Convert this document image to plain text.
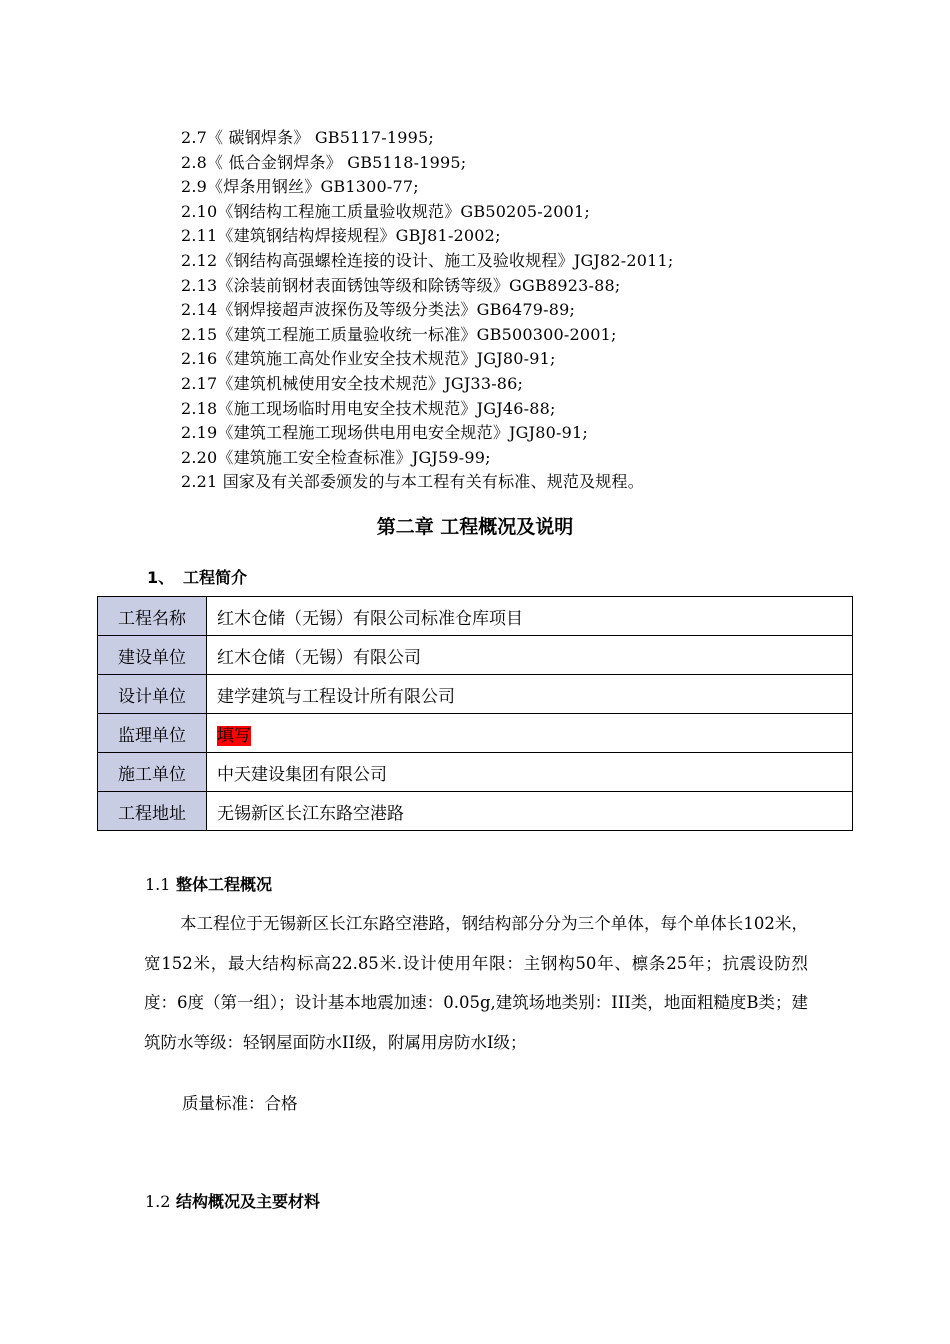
2.7《 碳钢焊条》 GB5117-1995;
2.8《 低合金钢焊条》 GB5118-1995;
2.9《焊条用钢丝》GB1300-77;
2.10《钢结构工程施工质量验收规范》GB50205-2001;
2.11《建筑钢结构焊接规程》GBJ81-2002;
2.12《钢结构高强螺栓连接的设计、施工及验收规程》JGJ82-2011;
2.13《涂装前钢材表面锈蚀等级和除锈等级》GGB8923-88;
2.14《钢焊接超声波探伤及等级分类法》GB6479-89;
2.15《建筑工程施工质量验收统一标准》GB500300-2001;
2.16《建筑施工高处作业安全技术规范》JGJ80-91;
2.17《建筑机械使用安全技术规范》JGJ33-86;
2.18《施工现场临时用电安全技术规范》JGJ46-88;
2.19《建筑工程施工现场供电用电安全规范》JGJ80-91;
2.20《建筑施工安全检查标准》JGJ59-99;
2.21 国家及有关部委颁发的与本工程有关有标准、规范及规程。
第二章 工程概况及说明
1、 工程简介
工程名称	红木仓储（无锡）有限公司标准仓库项目
建设单位	红木仓储（无锡）有限公司
设计单位	建学建筑与工程设计所有限公司
监理单位	填写
施工单位	中天建设集团有限公司
工程地址	无锡新区长江东路空港路
1.1 整体工程概况

本工程位于无锡新区长江东路空港路，钢结构部分分为三个单体，每个单体长102米，宽152米，最大结构标高22.85米.设计使用年限：主钢构50年、檩条25年；抗震设防烈度：6度（第一组）；设计基本地震加速：0.05g,建筑场地类别：III类，地面粗糙度B类；建筑防水等级：轻钢屋面防水II级，附属用房防水I级；

质量标准：合格
1.2 结构概况及主要材料
